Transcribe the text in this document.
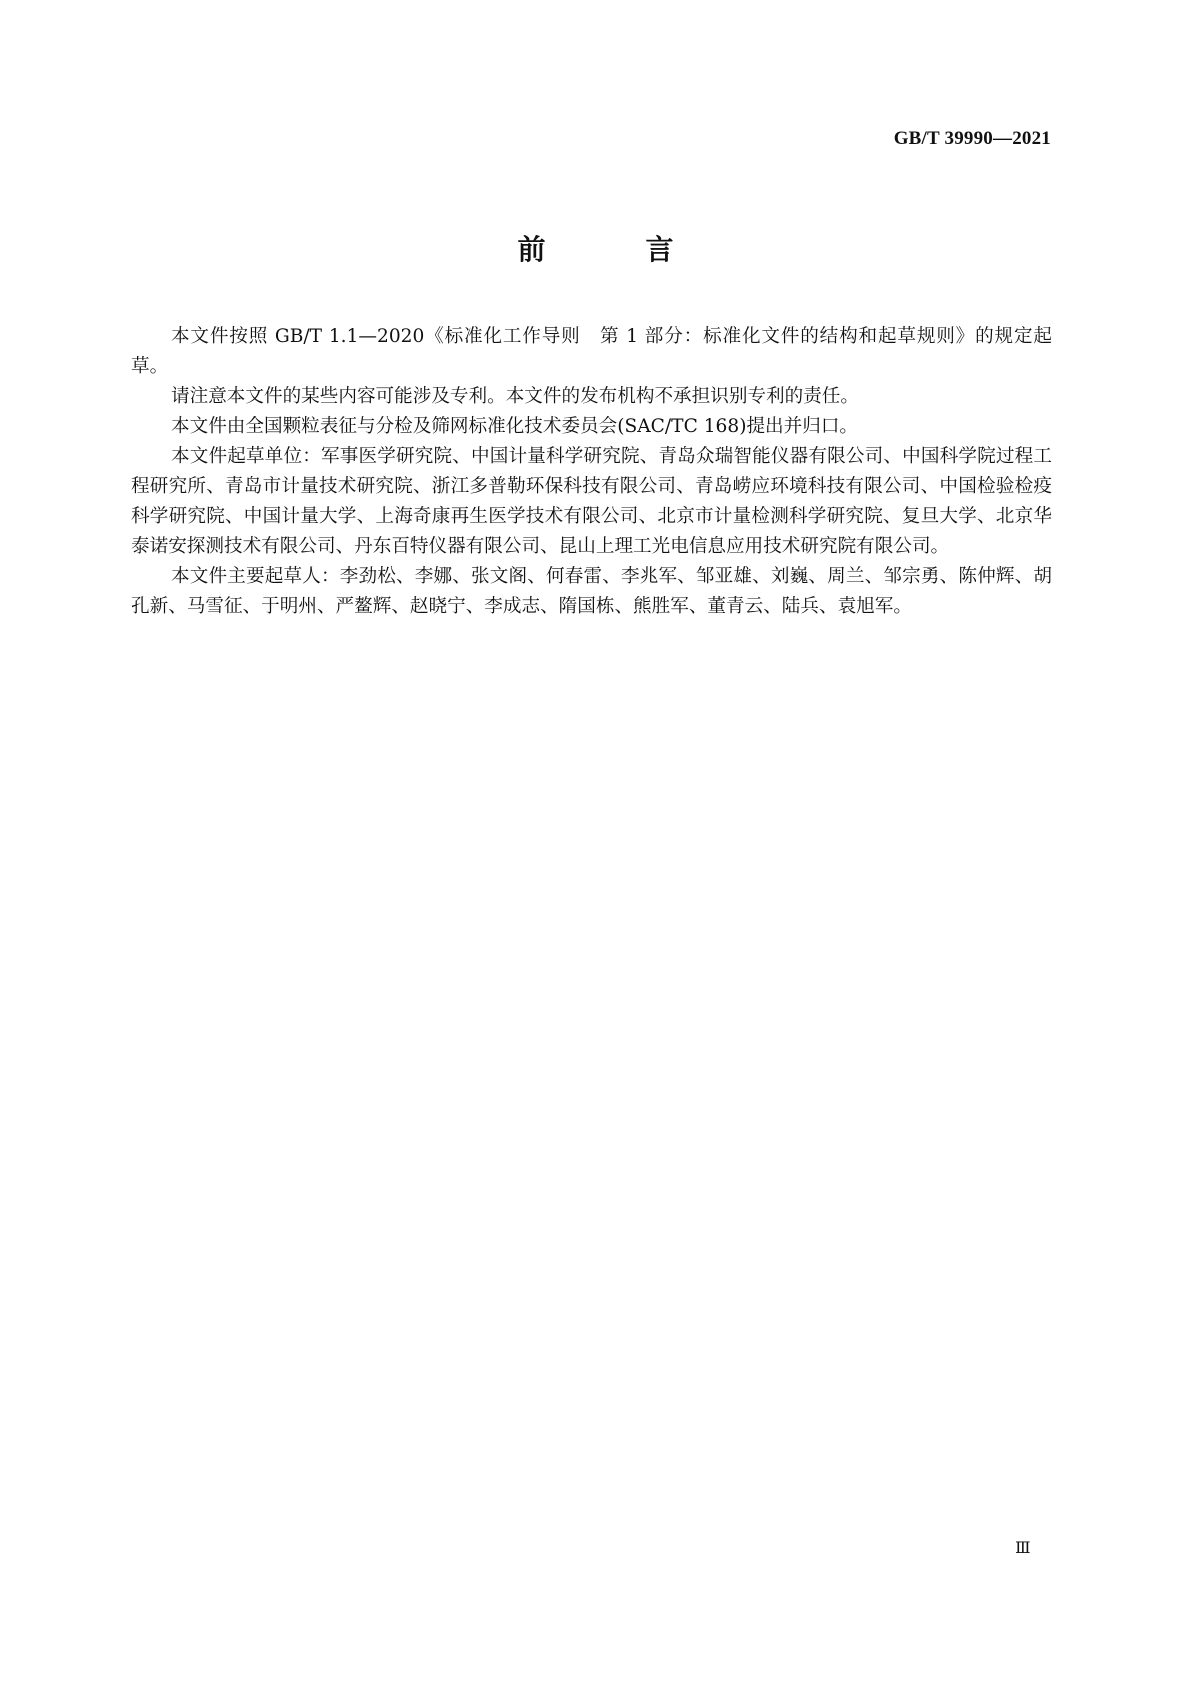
GB/T 39990—2021
前　言

本文件按照 GB/T 1.1—2020《标准化工作导则　第 1 部分：标准化文件的结构和起草规则》的规定起草。

请注意本文件的某些内容可能涉及专利。本文件的发布机构不承担识别专利的责任。

本文件由全国颗粒表征与分检及筛网标准化技术委员会(SAC/TC 168)提出并归口。

本文件起草单位：军事医学研究院、中国计量科学研究院、青岛众瑞智能仪器有限公司、中国科学院过程工程研究所、青岛市计量技术研究院、浙江多普勒环保科技有限公司、青岛崂应环境科技有限公司、中国检验检疫科学研究院、中国计量大学、上海奇康再生医学技术有限公司、北京市计量检测科学研究院、复旦大学、北京华泰诺安探测技术有限公司、丹东百特仪器有限公司、昆山上理工光电信息应用技术研究院有限公司。

本文件主要起草人：李劲松、李娜、张文阁、何春雷、李兆军、邹亚雄、刘巍、周兰、邹宗勇、陈仲辉、胡孔新、马雪征、于明州、严鳌辉、赵晓宁、李成志、隋国栋、熊胜军、董青云、陆兵、袁旭军。

Ⅲ
